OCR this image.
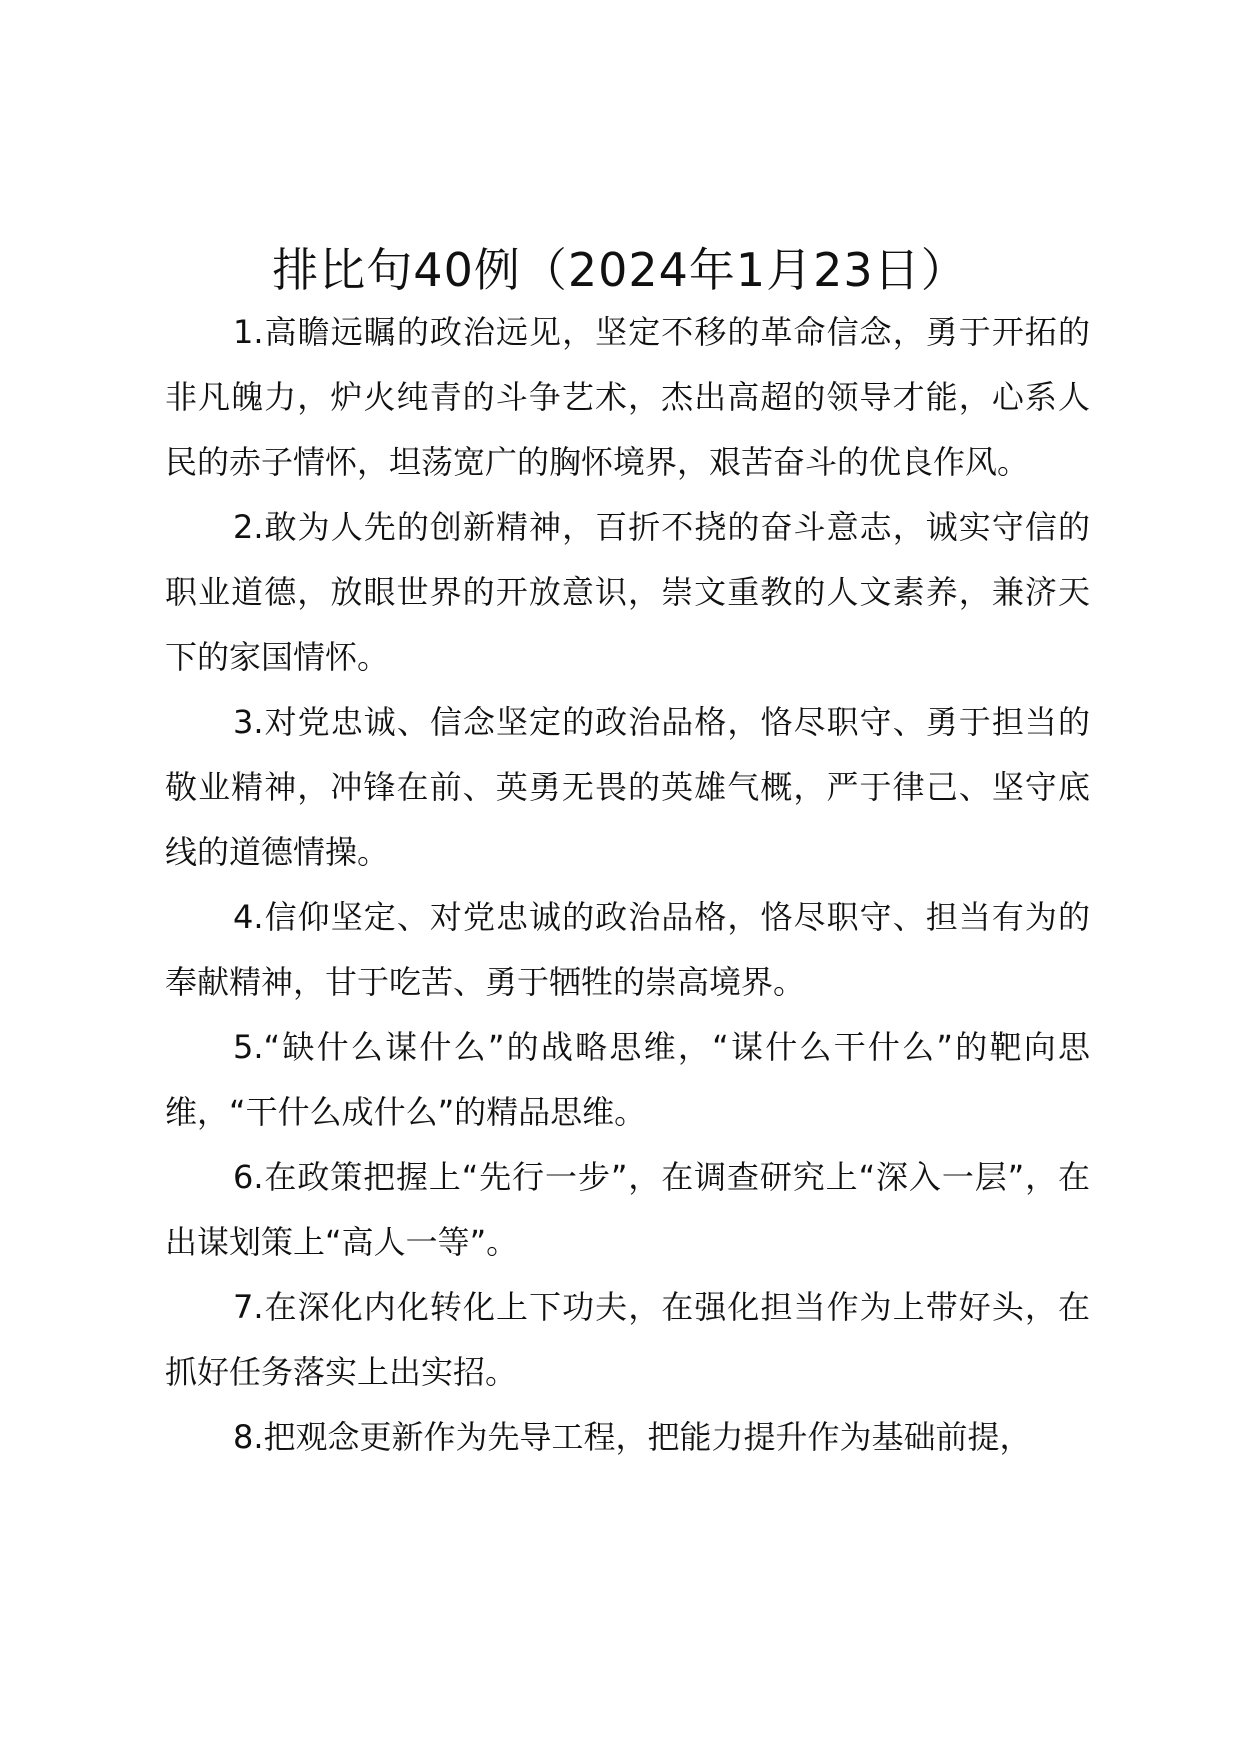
排比句40例（2024年1月23日）

1.高瞻远瞩的政治远见，坚定不移的革命信念，勇于开拓的非凡魄力，炉火纯青的斗争艺术，杰出高超的领导才能，心系人民的赤子情怀，坦荡宽广的胸怀境界，艰苦奋斗的优良作风。

2.敢为人先的创新精神，百折不挠的奋斗意志，诚实守信的职业道德，放眼世界的开放意识，崇文重教的人文素养，兼济天下的家国情怀。

3.对党忠诚、信念坚定的政治品格，恪尽职守、勇于担当的敬业精神，冲锋在前、英勇无畏的英雄气概，严于律己、坚守底线的道德情操。

4.信仰坚定、对党忠诚的政治品格，恪尽职守、担当有为的奉献精神，甘于吃苦、勇于牺牲的崇高境界。

5.“缺什么谋什么”的战略思维，“谋什么干什么”的靶向思维，“干什么成什么”的精品思维。

6.在政策把握上“先行一步”，在调查研究上“深入一层”，在出谋划策上“高人一等”。

7.在深化内化转化上下功夫，在强化担当作为上带好头，在抓好任务落实上出实招。

8.把观念更新作为先导工程，把能力提升作为基础前提，
